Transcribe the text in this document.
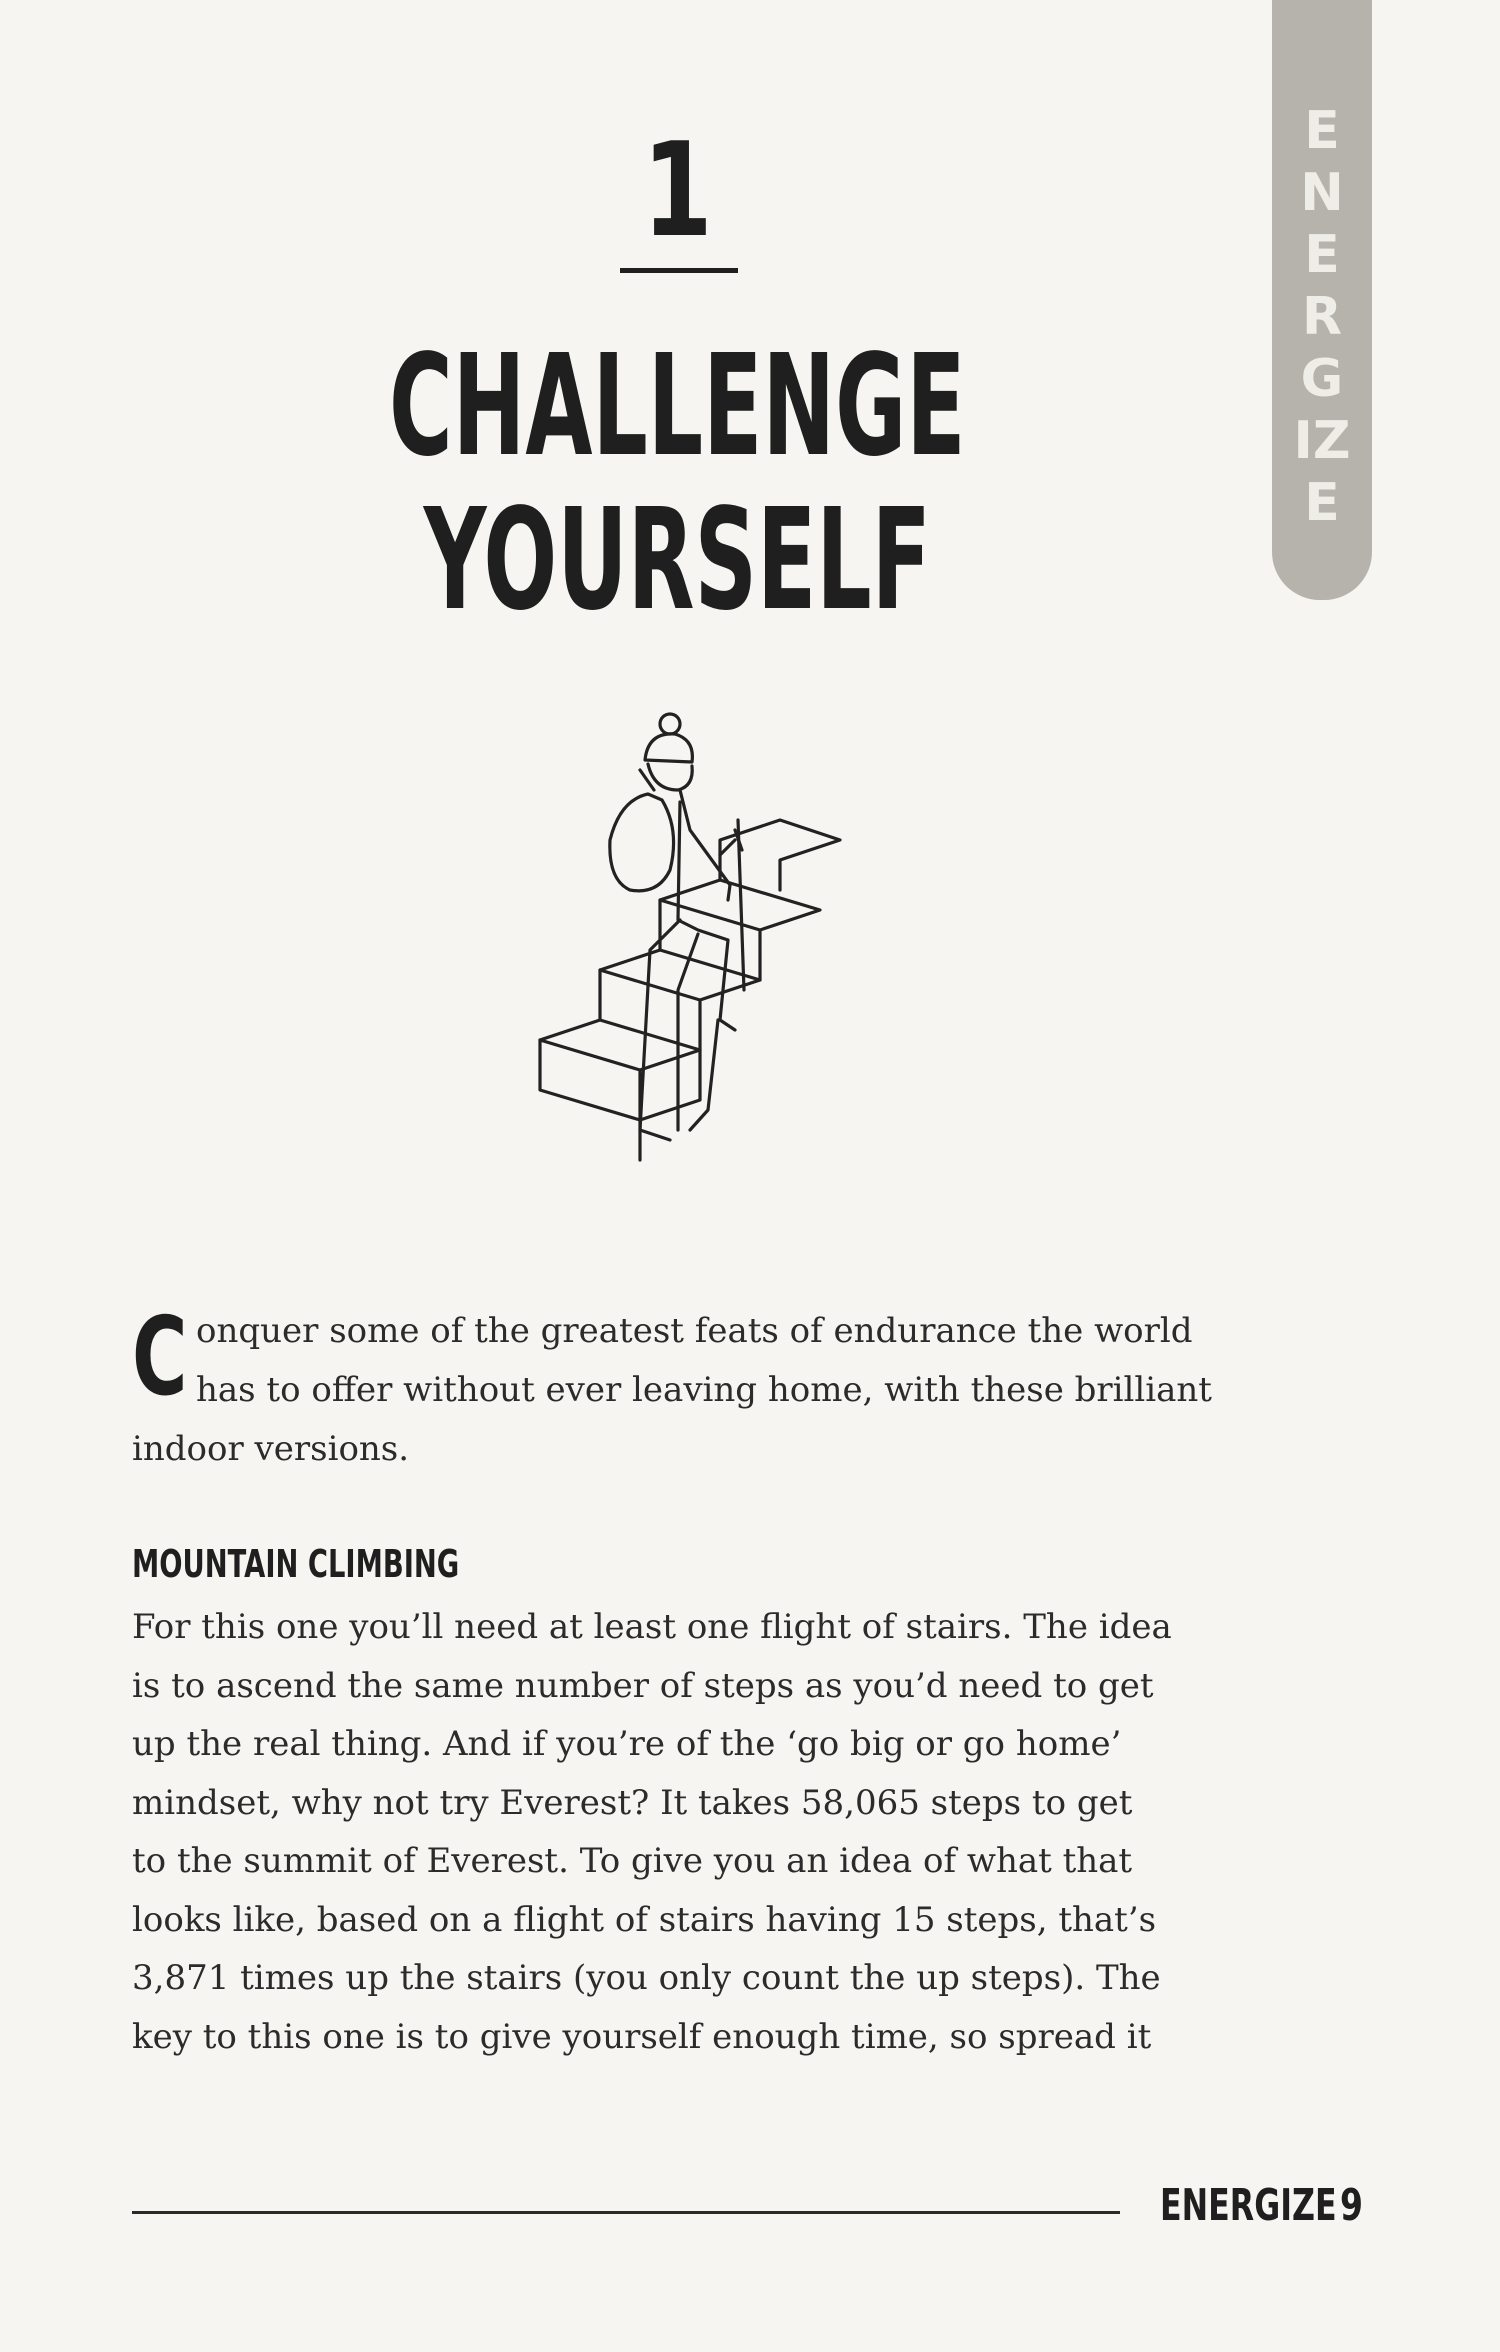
ENERGIZE
1
CHALLENGE
YOURSELF
Conquer some of the greatest feats of endurance the world has to offer without ever leaving home, with these brilliant indoor versions.
MOUNTAIN CLIMBING
For this one you’ll need at least one flight of stairs. The idea
is to ascend the same number of steps as you’d need to get
up the real thing. And if you’re of the ‘go big or go home’
mindset, why not try Everest? It takes 58,065 steps to get
to the summit of Everest. To give you an idea of what that
looks like, based on a flight of stairs having 15 steps, that’s
3,871 times up the stairs (you only count the up steps). The
key to this one is to give yourself enough time, so spread it
ENERGIZE 9
